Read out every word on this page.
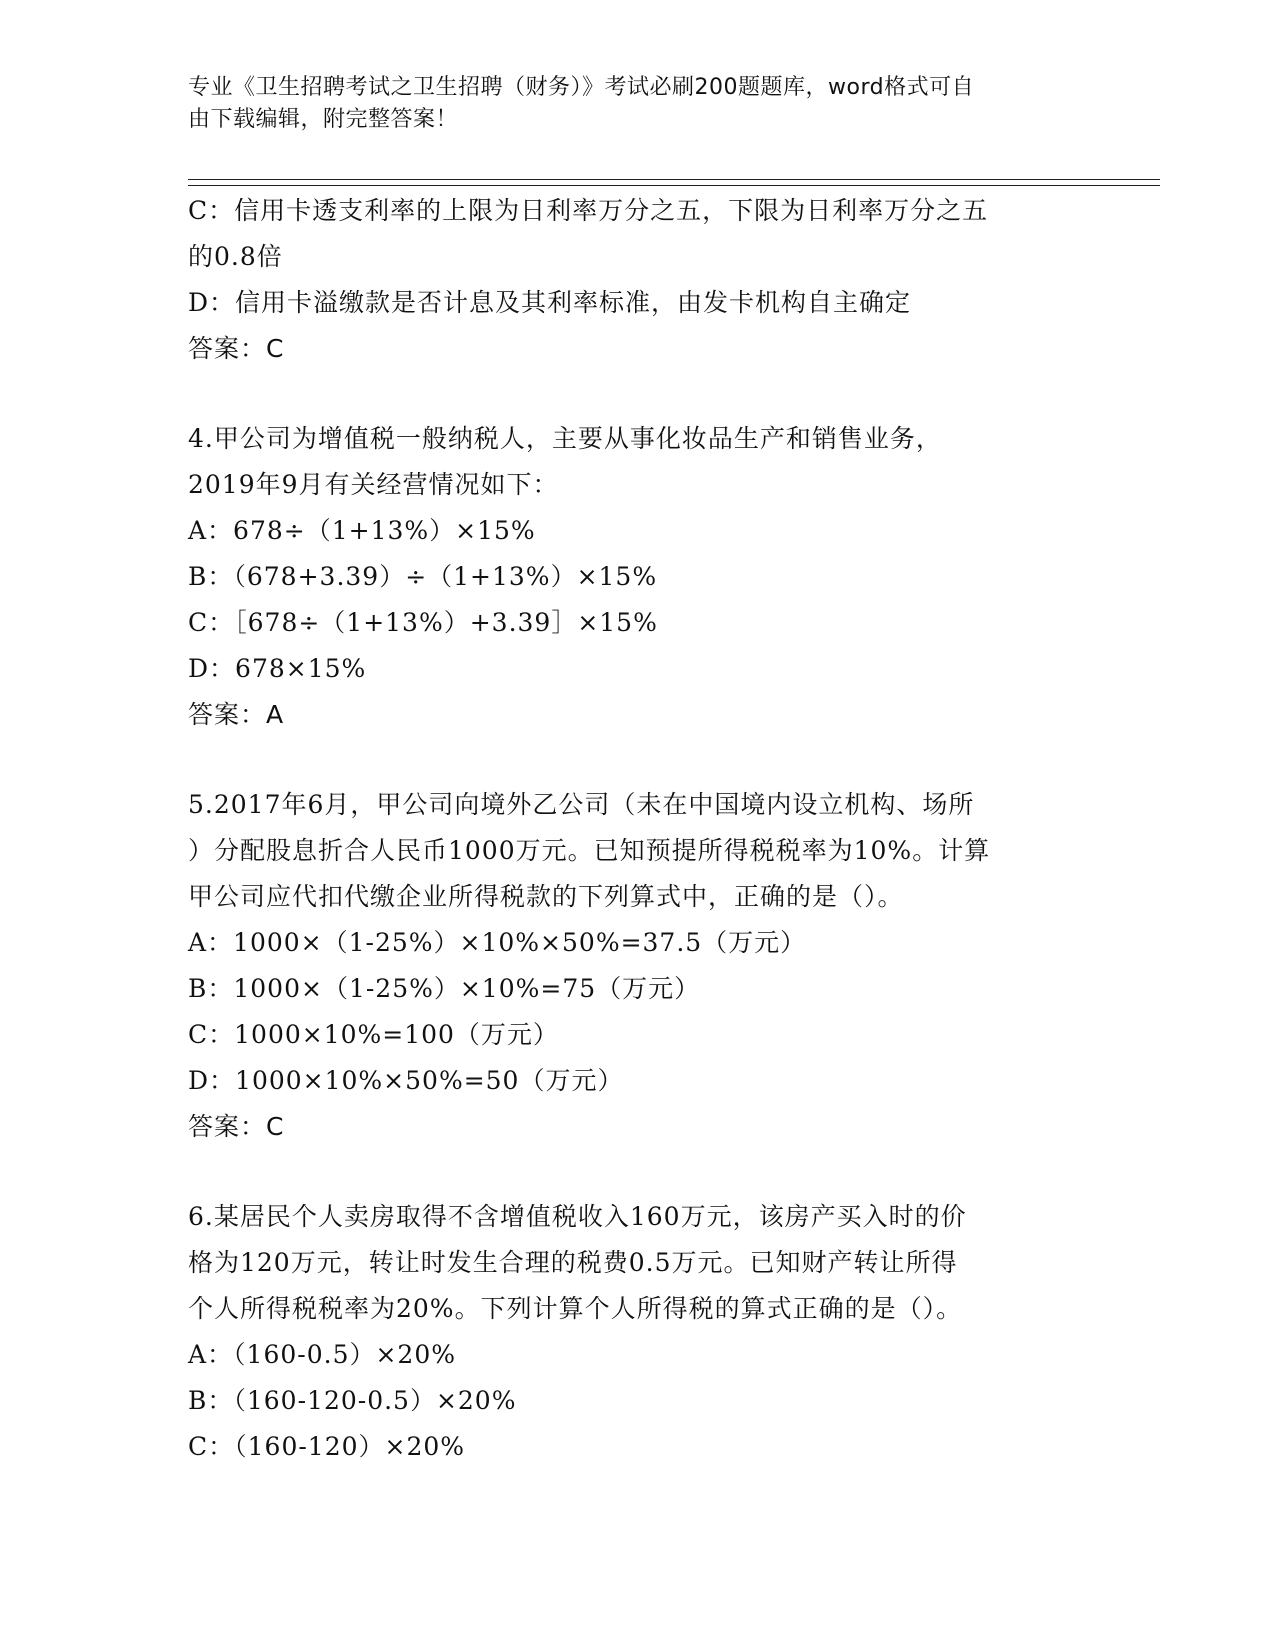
专业《卫生招聘考试之卫生招聘（财务）》考试必刷200题题库，word格式可自
由下载编辑，附完整答案！
C：信用卡透支利率的上限为日利率万分之五，下限为日利率万分之五
的0.8倍
D：信用卡溢缴款是否计息及其利率标准，由发卡机构自主确定
答案：C
4.甲公司为增值税一般纳税人，主要从事化妆品生产和销售业务，
2019年9月有关经营情况如下：
A：678÷（1+13%）×15%
B：（678+3.39）÷（1+13%）×15%
C：［678÷（1+13%）+3.39］×15%
D：678×15%
答案：A
5.2017年6月，甲公司向境外乙公司（未在中国境内设立机构、场所
）分配股息折合人民币1000万元。已知预提所得税税率为10%。计算
甲公司应代扣代缴企业所得税款的下列算式中，正确的是（）。
A：1000×（1-25%）×10%×50%=37.5（万元）
B：1000×（1-25%）×10%=75（万元）
C：1000×10%=100（万元）
D：1000×10%×50%=50（万元）
答案：C
6.某居民个人卖房取得不含增值税收入160万元，该房产买入时的价
格为120万元，转让时发生合理的税费0.5万元。已知财产转让所得
个人所得税税率为20%。下列计算个人所得税的算式正确的是（）。
A：（160-0.5）×20%
B：（160-120-0.5）×20%
C：（160-120）×20%
